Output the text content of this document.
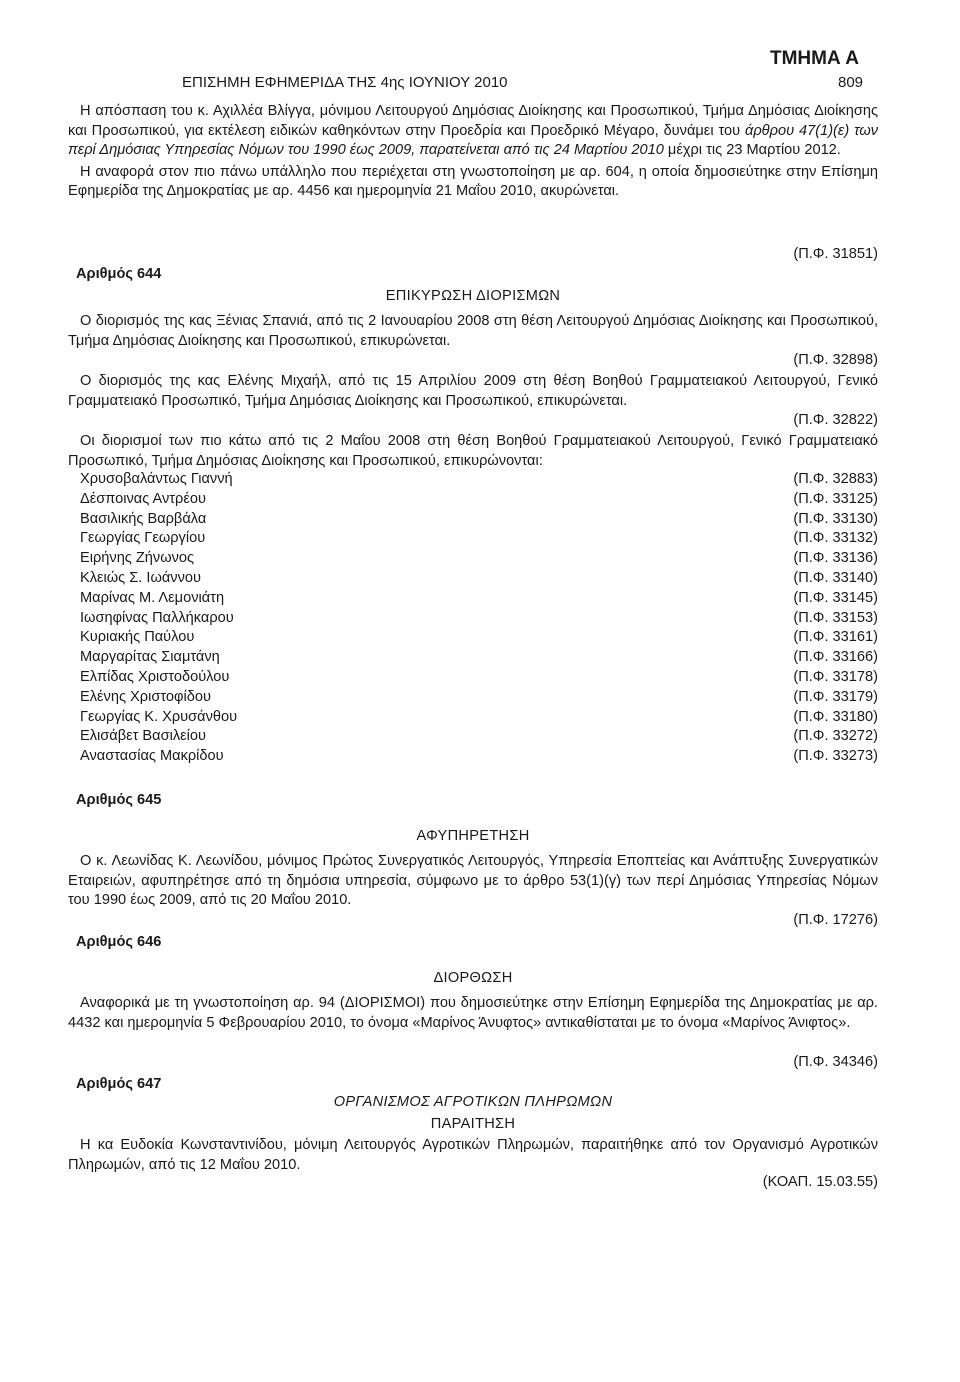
ΤΜΗΜΑ Α
ΕΠΙΣΗΜΗ ΕΦΗΜΕΡΙΔΑ ΤΗΣ 4ης ΙΟΥΝΙΟΥ 2010	809

Η απόσπαση του κ. Αχιλλέα Βλίγγα, μόνιμου Λειτουργού Δημόσιας Διοίκησης και Προσωπικού, Τμήμα Δημόσιας Διοίκησης και Προσωπικού, για εκτέλεση ειδικών καθηκόντων στην Προεδρία και Προεδρικό Μέγαρο, δυνάμει του άρθρου 47(1)(ε) των περί Δημόσιας Υπηρεσίας Νόμων του 1990 έως 2009, παρατείνεται από τις 24 Μαρτίου 2010 μέχρι τις 23 Μαρτίου 2012.

Η αναφορά στον πιο πάνω υπάλληλο που περιέχεται στη γνωστοποίηση με αρ. 604, η οποία δημοσιεύτηκε στην Επίσημη Εφημερίδα της Δημοκρατίας με αρ. 4456 και ημερομηνία 21 Μαΐου 2010, ακυρώνεται.

(Π.Φ. 31851)
Αριθμός 644
ΕΠΙΚΥΡΩΣΗ ΔΙΟΡΙΣΜΩΝ

Ο διορισμός της κας Ξένιας Σπανιά, από τις 2 Ιανουαρίου 2008 στη θέση Λειτουργού Δημόσιας Διοίκησης και Προσωπικού, Τμήμα Δημόσιας Διοίκησης και Προσωπικού, επικυρώνεται.

(Π.Φ. 32898)

Ο διορισμός της κας Ελένης Μιχαήλ, από τις 15 Απριλίου 2009 στη θέση Βοηθού Γραμματειακού Λειτουργού, Γενικό Γραμματειακό Προσωπικό, Τμήμα Δημόσιας Διοίκησης και Προσωπικού, επικυρώνεται.

(Π.Φ. 32822)

Οι διορισμοί των πιο κάτω από τις 2 Μαΐου 2008 στη θέση Βοηθού Γραμματειακού Λειτουργού, Γενικό Γραμματειακό Προσωπικό, Τμήμα Δημόσιας Διοίκησης και Προσωπικού, επικυρώνονται:

Χρυσοβαλάντως Γιαννή	(Π.Φ. 32883)
Δέσποινας Αντρέου	(Π.Φ. 33125)
Βασιλικής Βαρβάλα	(Π.Φ. 33130)
Γεωργίας Γεωργίου	(Π.Φ. 33132)
Ειρήνης Ζήνωνος	(Π.Φ. 33136)
Κλειώς Σ. Ιωάννου	(Π.Φ. 33140)
Μαρίνας Μ. Λεμονιάτη	(Π.Φ. 33145)
Ιωσηφίνας Παλλήκαρου	(Π.Φ. 33153)
Κυριακής Παύλου	(Π.Φ. 33161)
Μαργαρίτας Σιαμτάνη	(Π.Φ. 33166)
Ελπίδας Χριστοδούλου	(Π.Φ. 33178)
Ελένης Χριστοφίδου	(Π.Φ. 33179)
Γεωργίας Κ. Χρυσάνθου	(Π.Φ. 33180)
Ελισάβετ Βασιλείου	(Π.Φ. 33272)
Αναστασίας Μακρίδου	(Π.Φ. 33273)
Αριθμός 645
ΑΦΥΠΗΡΕΤΗΣΗ

Ο κ. Λεωνίδας Κ. Λεωνίδου, μόνιμος Πρώτος Συνεργατικός Λειτουργός, Υπηρεσία Εποπτείας και Ανάπτυξης Συνεργατικών Εταιρειών, αφυπηρέτησε από τη δημόσια υπηρεσία, σύμφωνο με το άρθρο 53(1)(γ) των περί Δημόσιας Υπηρεσίας Νόμων του 1990 έως 2009, από τις 20 Μαΐου 2010.

(Π.Φ. 17276)
Αριθμός 646
ΔΙΟΡΘΩΣΗ

Αναφορικά με τη γνωστοποίηση αρ. 94 (ΔΙΟΡΙΣΜΟΙ) που δημοσιεύτηκε στην Επίσημη Εφημερίδα της Δημοκρατίας με αρ. 4432 και ημερομηνία 5 Φεβρουαρίου 2010, το όνομα «Μαρίνος Άνυφτος» αντικαθίσταται με το όνομα «Μαρίνος Άνιφτος».

(Π.Φ. 34346)
Αριθμός 647
ΟΡΓΑΝΙΣΜΟΣ ΑΓΡΟΤΙΚΩΝ ΠΛΗΡΩΜΩΝ
ΠΑΡΑΙΤΗΣΗ

Η κα Ευδοκία Κωνσταντινίδου, μόνιμη Λειτουργός Αγροτικών Πληρωμών, παραιτήθηκε από τον Οργανισμό Αγροτικών Πληρωμών, από τις 12 Μαΐου 2010.

(ΚΟΑΠ. 15.03.55)
